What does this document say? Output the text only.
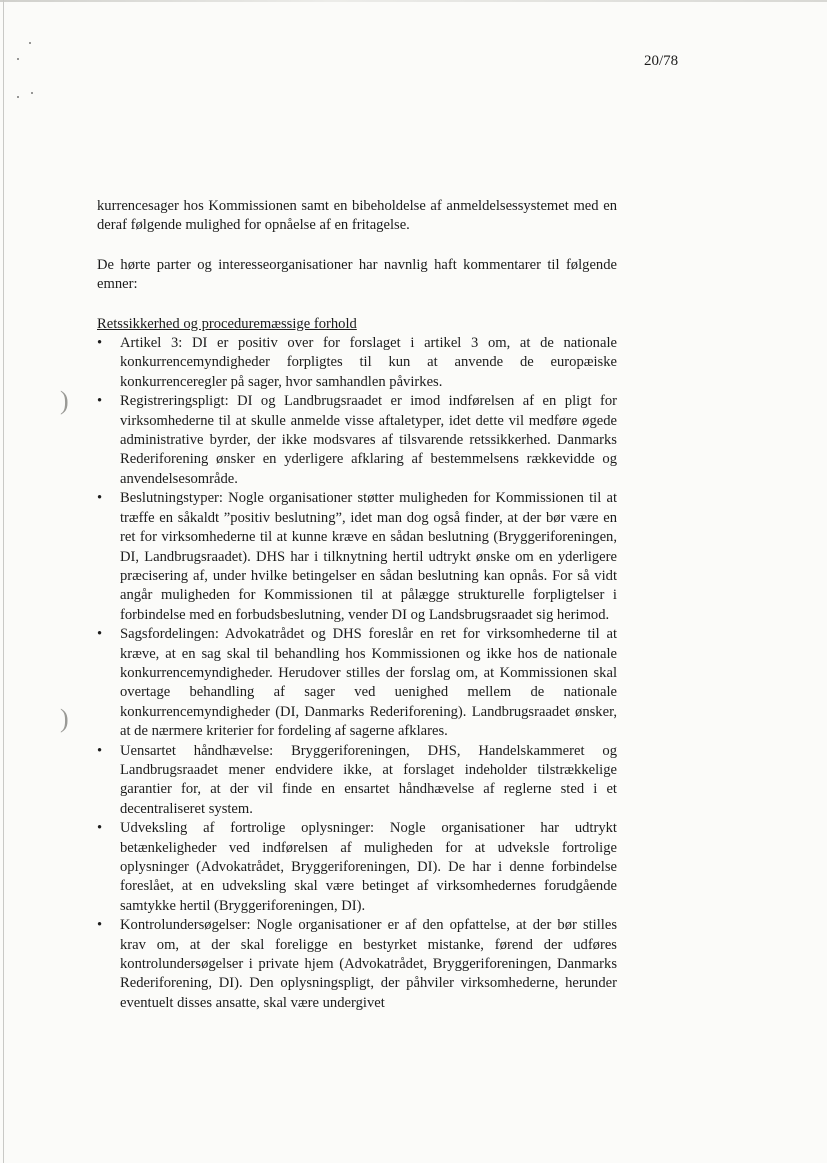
)
)
20/78

kurrencesager hos Kommissionen samt en bibeholdelse af anmeldelsessystemet med en deraf følgende mulighed for opnåelse af en fritagelse.

De hørte parter og interesseorganisationer har navnlig haft kommentarer til følgende emner:

Retssikkerhed og proceduremæssige forhold

•	Artikel 3: DI er positiv over for forslaget i artikel 3 om, at de nationale konkurrencemyndigheder forpligtes til kun at anvende de europæiske konkurrenceregler på sager, hvor samhandlen påvirkes.
•	Registreringspligt: DI og Landbrugsraadet er imod indførelsen af en pligt for virksomhederne til at skulle anmelde visse aftaletyper, idet dette vil medføre øgede administrative byrder, der ikke modsvares af tilsvarende retssikkerhed. Danmarks Rederiforening ønsker en yderligere afklaring af bestemmelsens rækkevidde og anvendelsesområde.
•	Beslutningstyper: Nogle organisationer støtter muligheden for Kommissionen til at træffe en såkaldt ”positiv beslutning”, idet man dog også finder, at der bør være en ret for virksomhederne til at kunne kræve en sådan beslutning (Bryggeriforeningen, DI, Landbrugsraadet). DHS har i tilknytning hertil udtrykt ønske om en yderligere præcisering af, under hvilke betingelser en sådan beslutning kan opnås. For så vidt angår muligheden for Kommissionen til at pålægge strukturelle forpligtelser i forbindelse med en forbudsbeslutning, vender DI og Landsbrugsraadet sig herimod.
•	Sagsfordelingen: Advokatrådet og DHS foreslår en ret for virksomhederne til at kræve, at en sag skal til behandling hos Kommissionen og ikke hos de nationale konkurrencemyndigheder. Herudover stilles der forslag om, at Kommissionen skal overtage behandling af sager ved uenighed mellem de nationale konkurrencemyndigheder (DI, Danmarks Rederiforening). Landbrugsraadet ønsker, at de nærmere kriterier for fordeling af sagerne afklares.
•	Uensartet håndhævelse: Bryggeriforeningen, DHS, Handelskammeret og Landbrugsraadet mener endvidere ikke, at forslaget indeholder tilstrækkelige garantier for, at der vil finde en ensartet håndhævelse af reglerne sted i et decentraliseret system.
•	Udveksling af fortrolige oplysninger: Nogle organisationer har udtrykt betænkeligheder ved indførelsen af muligheden for at udveksle fortrolige oplysninger (Advokatrådet, Bryggeriforeningen, DI). De har i denne forbindelse foreslået, at en udveksling skal være betinget af virksomhedernes forudgående samtykke hertil (Bryggeriforeningen, DI).
•	Kontrolundersøgelser: Nogle organisationer er af den opfattelse, at der bør stilles krav om, at der skal foreligge en bestyrket mistanke, førend der udføres kontrolundersøgelser i private hjem (Advokatrådet, Bryggeriforeningen, Danmarks Rederiforening, DI). Den oplysningspligt, der påhviler virksomhederne, herunder eventuelt disses ansatte, skal være undergivet
